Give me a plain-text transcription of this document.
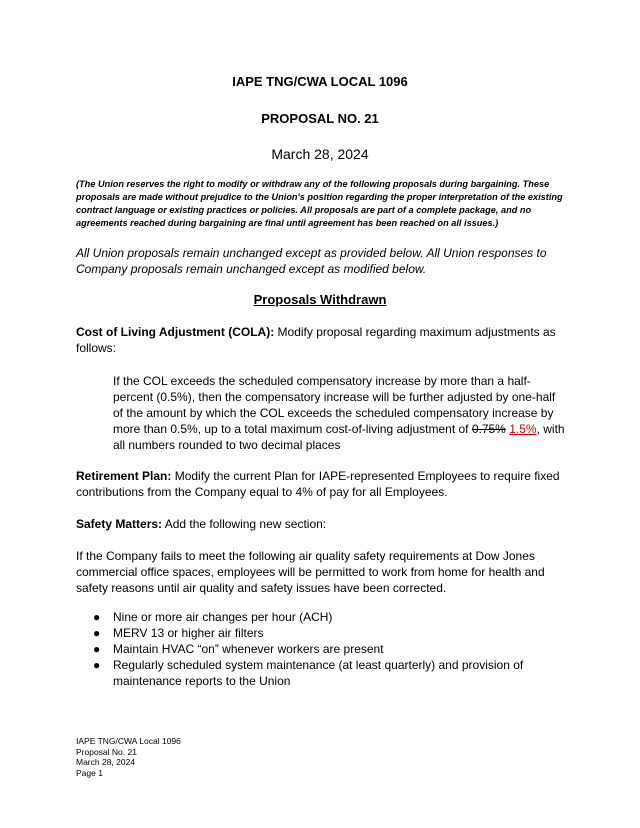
IAPE TNG/CWA LOCAL 1096
PROPOSAL NO. 21
March 28, 2024
(The Union reserves the right to modify or withdraw any of the following proposals during bargaining. These proposals are made without prejudice to the Union's position regarding the proper interpretation of the existing contract language or existing practices or policies. All proposals are part of a complete package, and no agreements reached during bargaining are final until agreement has been reached on all issues.)
All Union proposals remain unchanged except as provided below. All Union responses to Company proposals remain unchanged except as modified below.
Proposals Withdrawn
Cost of Living Adjustment (COLA): Modify proposal regarding maximum adjustments as follows:
If the COL exceeds the scheduled compensatory increase by more than a half-percent (0.5%), then the compensatory increase will be further adjusted by one-half of the amount by which the COL exceeds the scheduled compensatory increase by more than 0.5%, up to a total maximum cost-of-living adjustment of 0.75% 1.5%, with all numbers rounded to two decimal places
Retirement Plan: Modify the current Plan for IAPE-represented Employees to require fixed contributions from the Company equal to 4% of pay for all Employees.
Safety Matters: Add the following new section:
If the Company fails to meet the following air quality safety requirements at Dow Jones commercial office spaces, employees will be permitted to work from home for health and safety reasons until air quality and safety issues have been corrected.
● Nine or more air changes per hour (ACH)
● MERV 13 or higher air filters
● Maintain HVAC “on” whenever workers are present
● Regularly scheduled system maintenance (at least quarterly) and provision of maintenance reports to the Union
IAPE TNG/CWA Local 1096
Proposal No. 21
March 28, 2024
Page 1
